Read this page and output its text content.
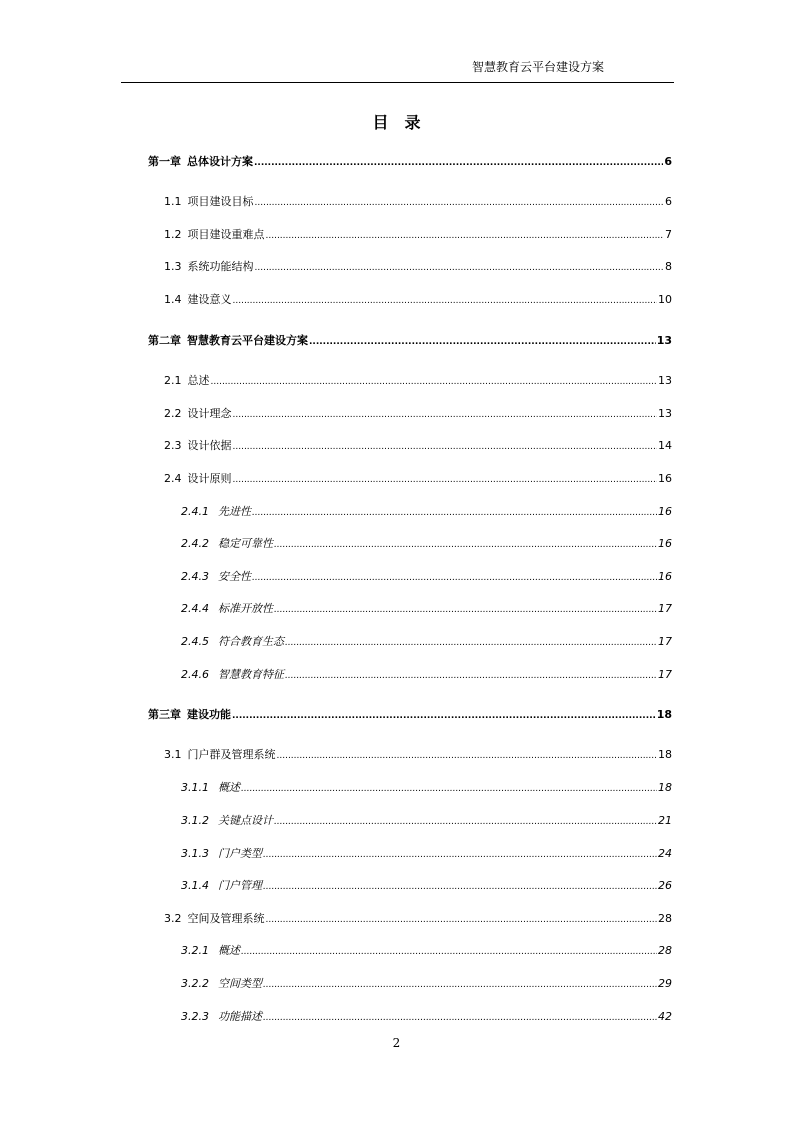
智慧教育云平台建设方案
目　录
第一章 总体设计方案 .....	6
1.1 项目建设目标 .....	6
1.2 项目建设重难点 .....	7
1.3 系统功能结构 .....	8
1.4 建设意义 .....	10
第二章 智慧教育云平台建设方案 .....	13
2.1 总述 .....	13
2.2 设计理念 .....	13
2.3 设计依据 .....	14
2.4 设计原则 .....	16
2.4.1 先进性 .....	16
2.4.2 稳定可靠性 .....	16
2.4.3 安全性 .....	16
2.4.4 标准开放性 .....	17
2.4.5 符合教育生态 .....	17
2.4.6 智慧教育特征 .....	17
第三章 建设功能 .....	18
3.1 门户群及管理系统 .....	18
3.1.1 概述 .....	18
3.1.2 关键点设计 .....	21
3.1.3 门户类型 .....	24
3.1.4 门户管理 .....	26
3.2 空间及管理系统 .....	28
3.2.1 概述 .....	28
3.2.2 空间类型 .....	29
3.2.3 功能描述 .....	42
2
